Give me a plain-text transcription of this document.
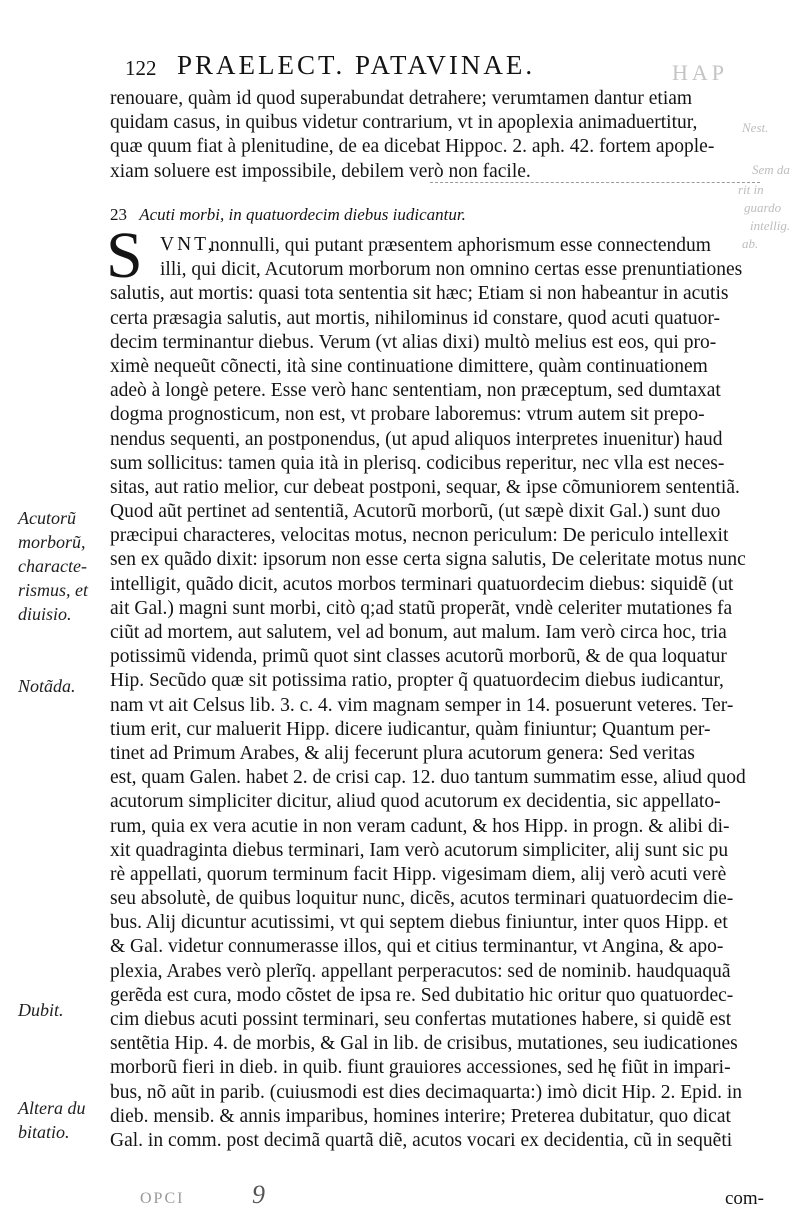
122 PRAELECT. PATAVINAE.	HAP
Nest.
Sem da
rit in
guardo
intellig.
ab.
renouare, quàm id quod superabundat detrahere; verumtamen dantur etiam
quidam casus, in quibus videtur contrarium, vt in apoplexia animaduertitur,
quæ quum fiat à plenitudine, de ea dicebat Hippoc. 2. aph. 42. fortem apople-
xiam soluere est impossibile, debilem verò non facile.
23 Acuti morbi, in quatuordecim diebus iudicantur.
S VNT,
nonnulli, qui putant præsentem aphorismum esse connectendum
illi, qui dicit, Acutorum morborum non omnino certas esse prenuntiationes
salutis, aut mortis: quasi tota sententia sit hæc; Etiam si non habeantur in acutis
certa præsagia salutis, aut mortis, nihilominus id constare, quod acuti quatuor-
decim terminantur diebus. Verum (vt alias dixi) multò melius est eos, qui pro-
ximè nequeũt cõnecti, ità sine continuatione dimittere, quàm continuationem
adeò à longè petere. Esse verò hanc sententiam, non præceptum, sed dumtaxat
dogma prognosticum, non est, vt probare laboremus: vtrum autem sit prepo-
nendus sequenti, an postponendus, (ut apud aliquos interpretes inuenitur) haud
sum sollicitus: tamen quia ità in plerisq. codicibus reperitur, nec vlla est neces-
sitas, aut ratio melior, cur debeat postponi, sequar, & ipse cõmuniorem sententiã.
Quod aũt pertinet ad sententiã, Acutorũ morborũ, (ut sæpè dixit Gal.) sunt duo
præcipui characteres, velocitas motus, necnon periculum: De periculo intellexit
sen ex quãdo dixit: ipsorum non esse certa signa salutis, De celeritate motus nunc
intelligit, quãdo dicit, acutos morbos terminari quatuordecim diebus: siquidẽ (ut
ait Gal.) magni sunt morbi, citò q;ad statũ properãt, vndè celeriter mutationes fa
ciũt ad mortem, aut salutem, vel ad bonum, aut malum. Iam verò circa hoc, tria
potissimũ videnda, primũ quot sint classes acutorũ morborũ, & de qua loquatur
Hip. Secũdo quæ sit potissima ratio, propter q̃ quatuordecim diebus iudicantur,
nam vt ait Celsus lib. 3. c. 4. vim magnam semper in 14. posuerunt veteres. Ter-
tium erit, cur maluerit Hipp. dicere iudicantur, quàm finiuntur; Quantum per-
tinet ad Primum Arabes, & alij fecerunt plura acutorum genera: Sed veritas
est, quam Galen. habet 2. de crisi cap. 12. duo tantum summatim esse, aliud quod
acutorum simpliciter dicitur, aliud quod acutorum ex decidentia, sic appellato-
rum, quia ex vera acutie in non veram cadunt, & hos Hipp. in progn. & alibi di-
xit quadraginta diebus terminari, Iam verò acutorum simpliciter, alij sunt sic pu
rè appellati, quorum terminum facit Hipp. vigesimam diem, alij verò acuti verè
seu absolutè, de quibus loquitur nunc, dicẽs, acutos terminari quatuordecim die-
bus. Alij dicuntur acutissimi, vt qui septem diebus finiuntur, inter quos Hipp. et
& Gal. videtur connumerasse illos, qui et citius terminantur, vt Angina, & apo-
plexia, Arabes verò plerĩq. appellant perperacutos: sed de nominib. haudquaquã
gerẽda est cura, modo cõstet de ipsa re. Sed dubitatio hic oritur quo quatuordec-
cim diebus acuti possint terminari, seu confertas mutationes habere, si quidẽ est
sentẽtia Hip. 4. de morbis, & Gal in lib. de crisibus, mutationes, seu iudicationes
morborũ fieri in dieb. in quib. fiunt grauiores accessiones, sed hę fiũt in impari-
bus, nõ aũt in parib. (cuiusmodi est dies decimaquarta:) imò dicit Hip. 2. Epid. in
dieb. mensib. & annis imparibus, homines interire; Preterea dubitatur, quo dicat
Gal. in comm. post decimã quartã diẽ, acutos vocari ex decidentia, cũ in sequẽti
Acutorũ
morborũ,
characte-
rismus, et
diuisio.
Notãda.
Dubit.
Altera du
bitatio.
OPCI	9	com-
